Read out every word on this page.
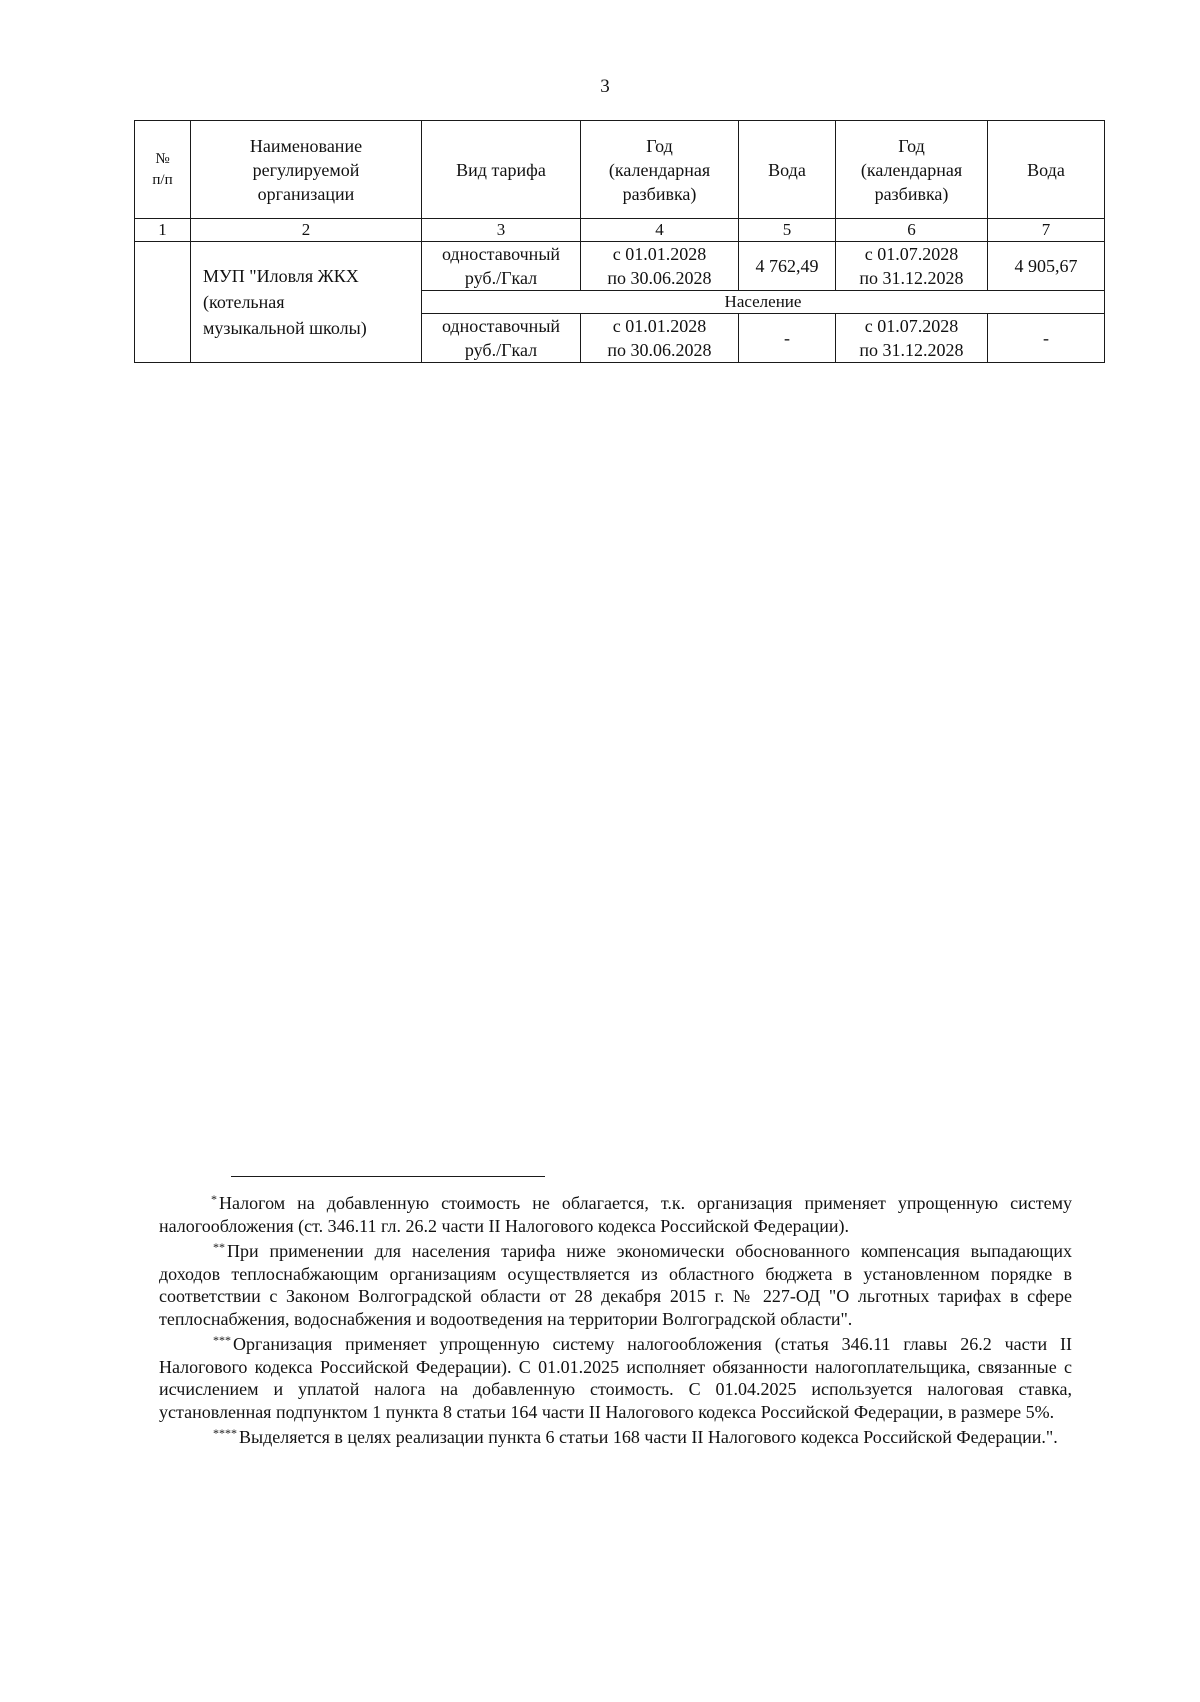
3
№
п/п	Наименование
регулируемой
организации	Вид тарифа	Год
(календарная
разбивка)	Вода	Год
(календарная
разбивка)	Вода
1	2	3	4	5	6	7

	МУП "Иловля ЖКХ
(котельная
музыкальной школы)	одноставочный
руб./Гкал	с 01.01.2028
по 30.06.2028	4 762,49	с 01.07.2028
по 31.12.2028	4 905,67
		Население				

		одноставочный
руб./Гкал	с 01.01.2028
по 30.06.2028	-	с 01.07.2028
по 31.12.2028	-

* Налогом на добавленную стоимость не облагается, т.к. организация применяет упрощенную систему налогообложения (ст. 346.11 гл. 26.2 части II Налогового кодекса Российской Федерации).

** При применении для населения тарифа ниже экономически обоснованного компенсация выпадающих доходов теплоснабжающим организациям осуществляется из областного бюджета в установленном порядке в соответствии с Законом Волгоградской области от 28 декабря 2015 г. № 227-ОД "О льготных тарифах в сфере теплоснабжения, водоснабжения и водоотведения на территории Волгоградской области".

*** Организация применяет упрощенную систему налогообложения (статья 346.11 главы 26.2 части II Налогового кодекса Российской Федерации). С 01.01.2025 исполняет обязанности налогоплательщика, связанные с исчислением и уплатой налога на добавленную стоимость. С 01.04.2025 используется налоговая ставка, установленная подпунктом 1 пункта 8 статьи 164 части II Налогового кодекса Российской Федерации, в размере 5%.

**** Выделяется в целях реализации пункта 6 статьи 168 части II Налогового кодекса Российской Федерации.".
